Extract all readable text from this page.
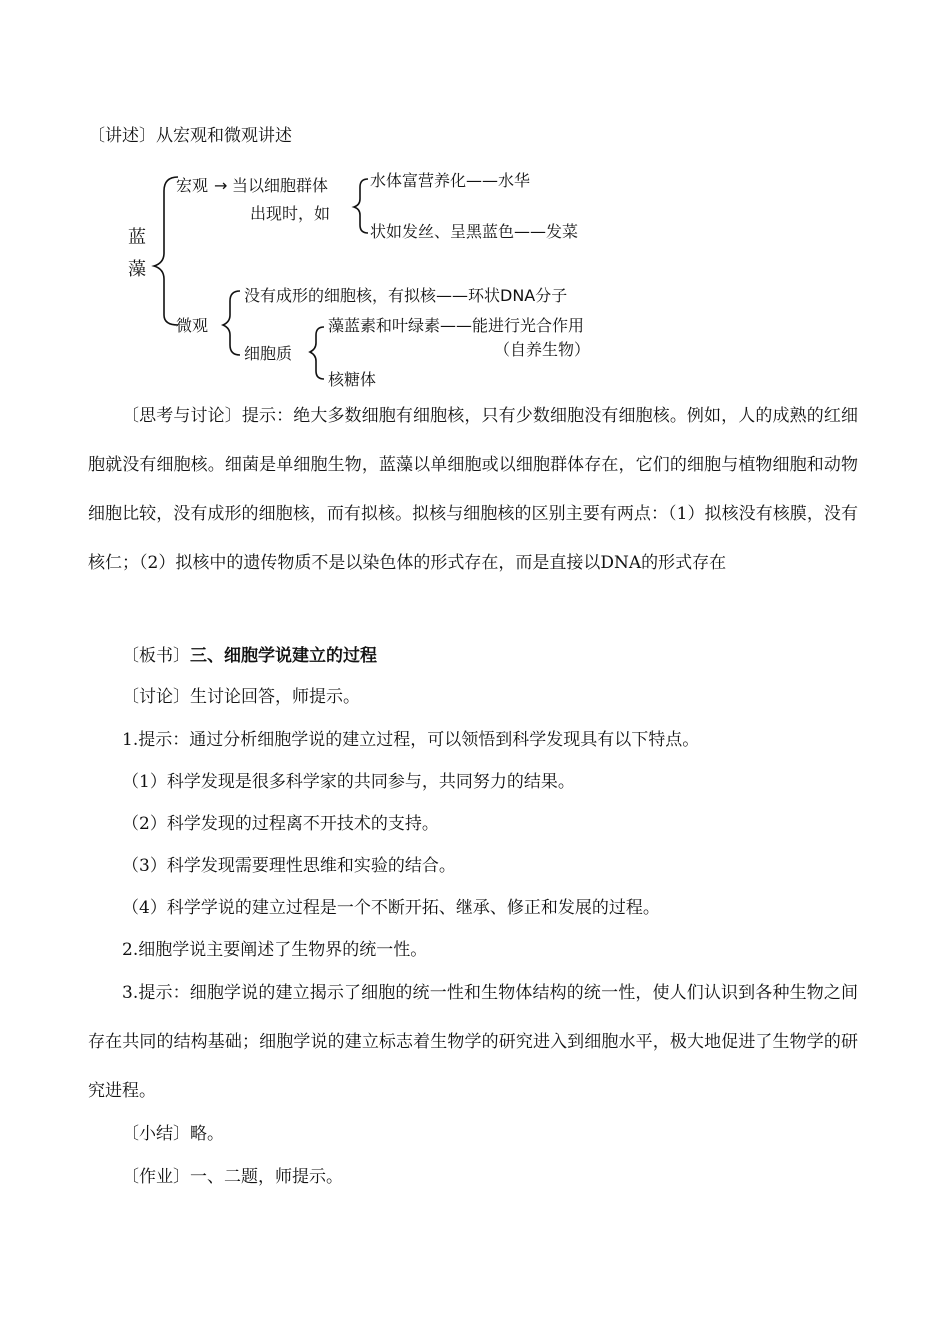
〔讲述〕从宏观和微观讲述
蓝
藻
宏观 → 当以细胞群体
出现时，如
水体富营养化——水华
状如发丝、呈黑蓝色——发菜
微观
没有成形的细胞核，有拟核——环状DNA分子
细胞质
藻蓝素和叶绿素——能进行光合作用
（自养生物）
核糖体
〔思考与讨论〕提示：绝大多数细胞有细胞核，只有少数细胞没有细胞核。例如，人的成熟的红细胞就没有细胞核。细菌是单细胞生物，蓝藻以单细胞或以细胞群体存在，它们的细胞与植物细胞和动物细胞比较，没有成形的细胞核，而有拟核。拟核与细胞核的区别主要有两点：（1）拟核没有核膜，没有核仁；（2）拟核中的遗传物质不是以染色体的形式存在，而是直接以DNA的形式存在
〔板书〕三、细胞学说建立的过程
〔讨论〕生讨论回答，师提示。
1.提示：通过分析细胞学说的建立过程，可以领悟到科学发现具有以下特点。
（1）科学发现是很多科学家的共同参与，共同努力的结果。
（2）科学发现的过程离不开技术的支持。
（3）科学发现需要理性思维和实验的结合。
（4）科学学说的建立过程是一个不断开拓、继承、修正和发展的过程。
2.细胞学说主要阐述了生物界的统一性。
3.提示：细胞学说的建立揭示了细胞的统一性和生物体结构的统一性，使人们认识到各种生物之间存在共同的结构基础；细胞学说的建立标志着生物学的研究进入到细胞水平，极大地促进了生物学的研究进程。
〔小结〕略。
〔作业〕一、二题，师提示。
